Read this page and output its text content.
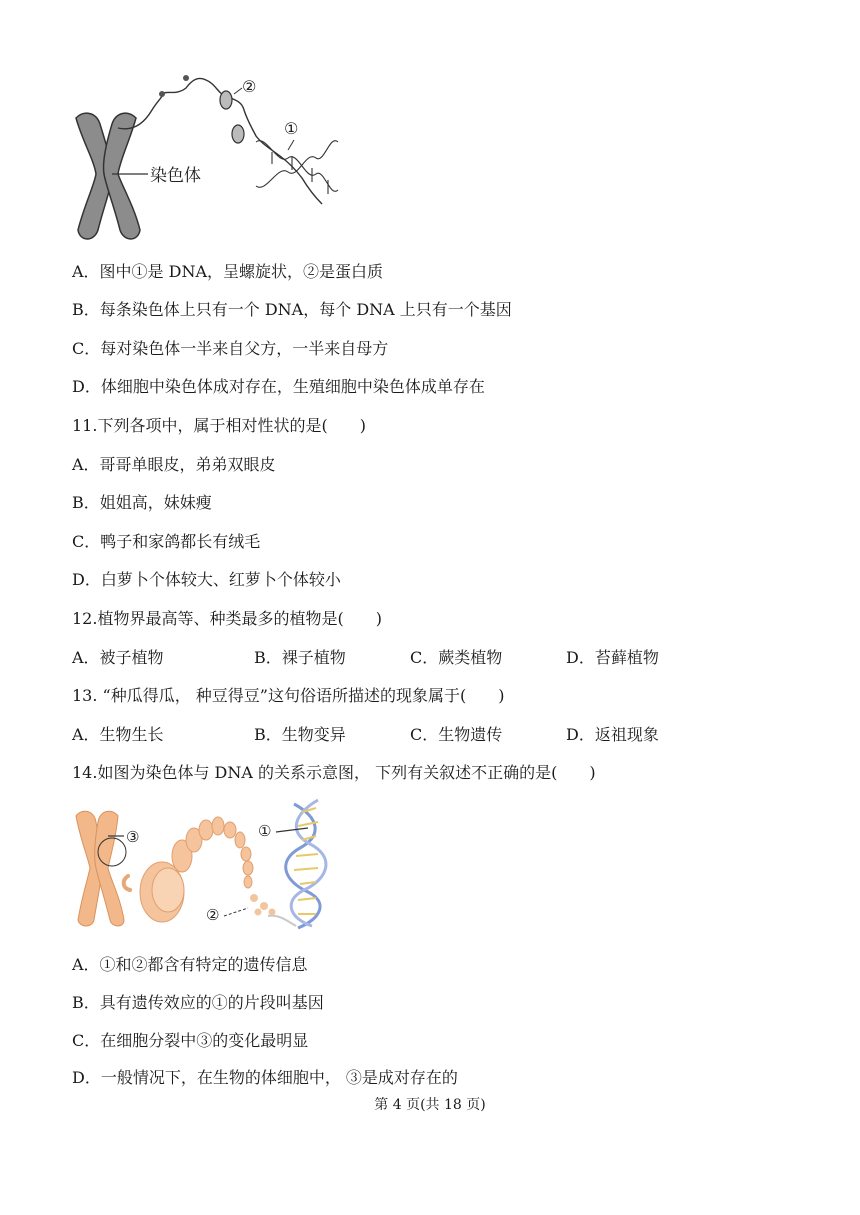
染色体
②
①
A．图中①是 DNA，呈螺旋状，②是蛋白质
B．每条染色体上只有一个 DNA，每个 DNA 上只有一个基因
C．每对染色体一半来自父方，一半来自母方
D．体细胞中染色体成对存在，生殖细胞中染色体成单存在
11.下列各项中，属于相对性状的是(　　)
A．哥哥单眼皮，弟弟双眼皮
B．姐姐高，妹妹瘦
C．鸭子和家鸽都长有绒毛
D．白萝卜个体较大、红萝卜个体较小
12.植物界最高等、种类最多的植物是(　　)
A．被子植物	B．裸子植物	C．蕨类植物	D．苔藓植物
13. “种瓜得瓜， 种豆得豆”这句俗语所描述的现象属于(　　)
A．生物生长	B．生物变异	C．生物遗传	D．返祖现象
14.如图为染色体与 DNA 的关系示意图， 下列有关叙述不正确的是(　　)
③
②
①
A．①和②都含有特定的遗传信息
B．具有遗传效应的①的片段叫基因
C．在细胞分裂中③的变化最明显
D．一般情况下，在生物的体细胞中， ③是成对存在的
第 4 页(共 18 页)
